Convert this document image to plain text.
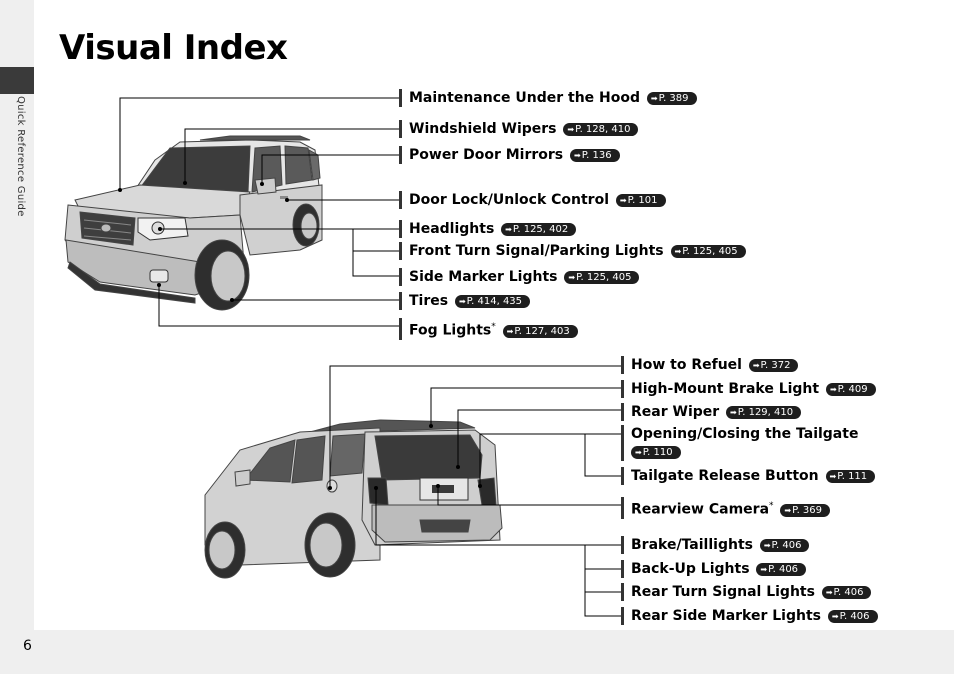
Quick Reference Guide
6
Visual Index
Maintenance Under the Hood ➡P. 389
Windshield Wipers ➡P. 128, 410
Power Door Mirrors ➡P. 136
Door Lock/Unlock Control ➡P. 101
Headlights ➡P. 125, 402
Front Turn Signal/Parking Lights ➡P. 125, 405
Side Marker Lights ➡P. 125, 405
Tires ➡P. 414, 435
Fog Lights* ➡P. 127, 403
How to Refuel ➡P. 372
High-Mount Brake Light ➡P. 409
Rear Wiper ➡P. 129, 410
Opening/Closing the Tailgate
➡P. 110
Tailgate Release Button ➡P. 111
Rearview Camera* ➡P. 369
Brake/Taillights ➡P. 406
Back-Up Lights ➡P. 406
Rear Turn Signal Lights ➡P. 406
Rear Side Marker Lights ➡P. 406
